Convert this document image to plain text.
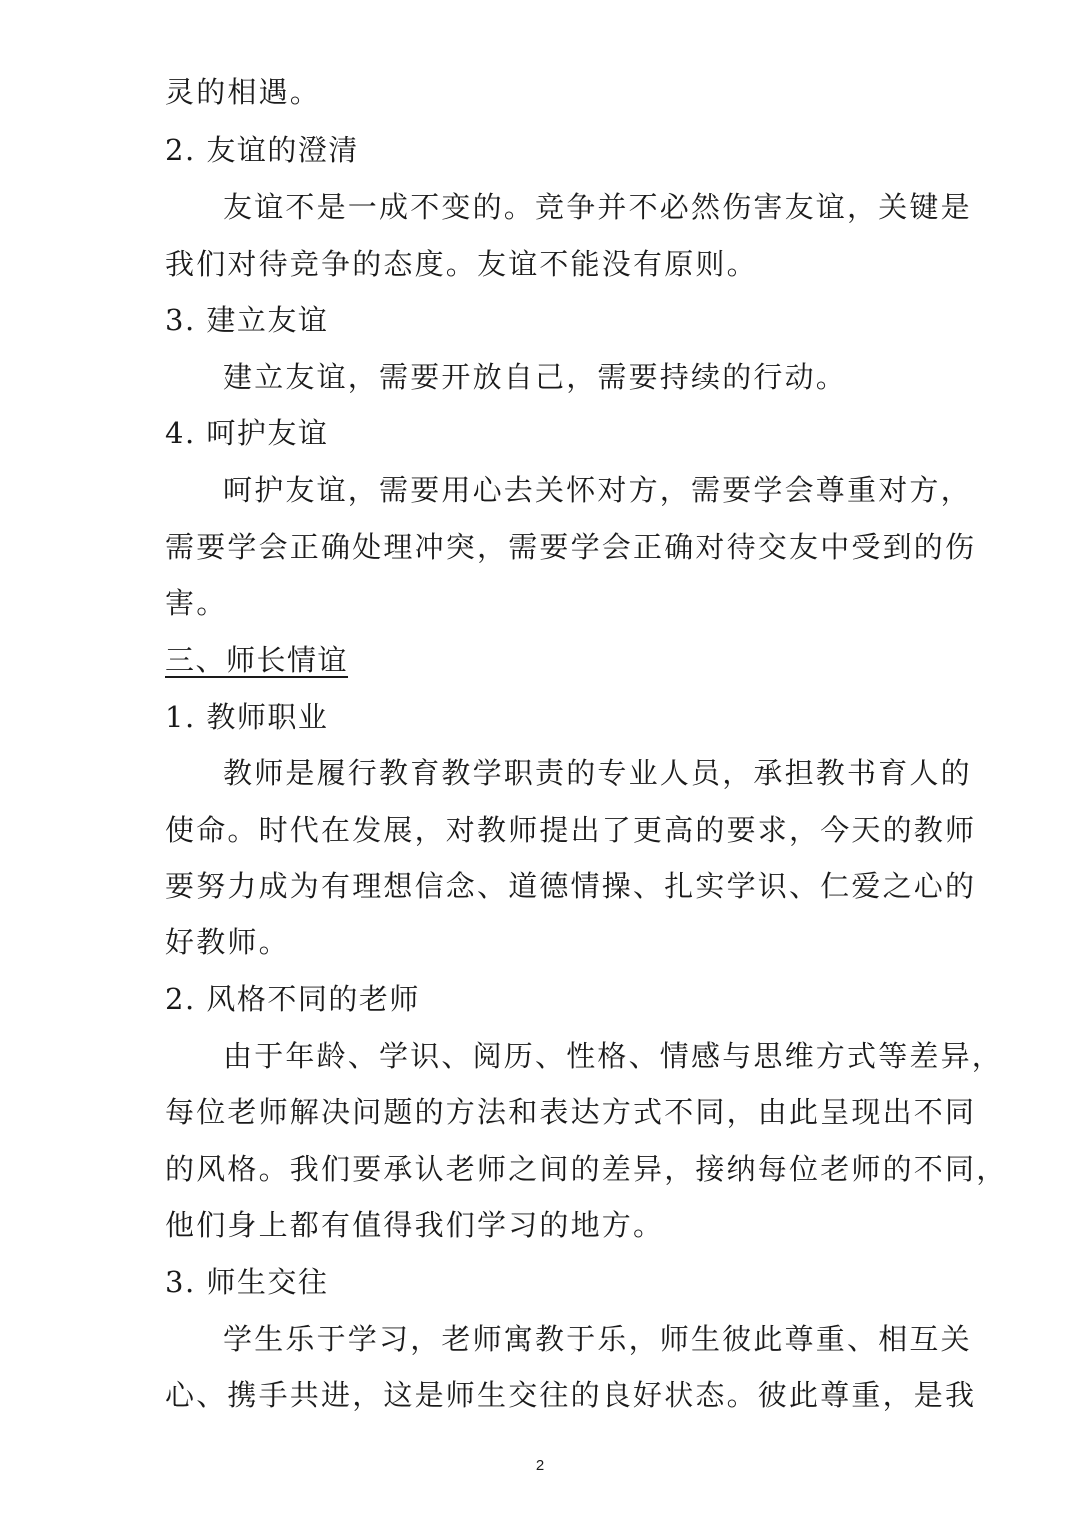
灵的相遇。
2. 友谊的澄清
友谊不是一成不变的。竞争并不必然伤害友谊，关键是
我们对待竞争的态度。友谊不能没有原则。
3. 建立友谊
建立友谊，需要开放自己，需要持续的行动。
4. 呵护友谊
呵护友谊，需要用心去关怀对方，需要学会尊重对方，
需要学会正确处理冲突，需要学会正确对待交友中受到的伤
害。
三、师长情谊
1. 教师职业
教师是履行教育教学职责的专业人员，承担教书育人的
使命。时代在发展，对教师提出了更高的要求，今天的教师
要努力成为有理想信念、道德情操、扎实学识、仁爱之心的
好教师。
2. 风格不同的老师
由于年龄、学识、阅历、性格、情感与思维方式等差异，
每位老师解决问题的方法和表达方式不同，由此呈现出不同
的风格。我们要承认老师之间的差异，接纳每位老师的不同，
他们身上都有值得我们学习的地方。
3. 师生交往
学生乐于学习，老师寓教于乐，师生彼此尊重、相互关
心、携手共进，这是师生交往的良好状态。彼此尊重，是我
2
